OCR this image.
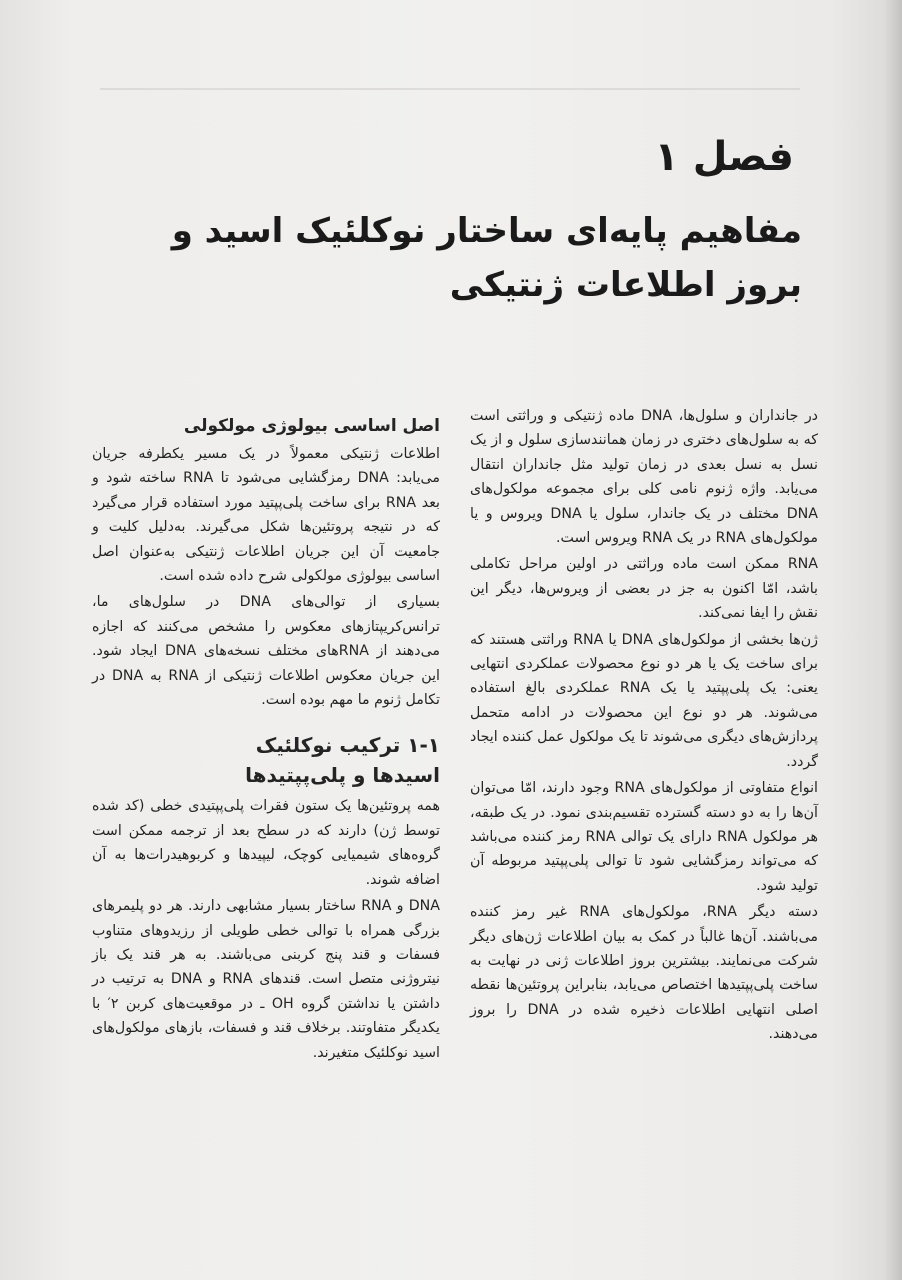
فصل ۱
مفاهیم پایه‌ای ساختار نوکلئیک اسید و بروز اطلاعات ژنتیکی

در جانداران و سلول‌ها، DNA ماده ژنتیکی و وراثتی است که به سلول‌های دختری در زمان همانندسازی سلول و از یک نسل به نسل بعدی در زمان تولید مثل جانداران انتقال می‌یابد. واژه ژنوم نامی کلی برای مجموعه مولکول‌های DNA مختلف در یک جاندار، سلول یا DNA ویروس و یا مولکول‌های RNA در یک RNA ویروس است.

RNA ممکن است ماده وراثتی در اولین مراحل تکاملی باشد، امّا اکنون به جز در بعضی از ویروس‌ها، دیگر این نقش را ایفا نمی‌کند.

ژن‌ها بخشی از مولکول‌های DNA یا RNA وراثتی هستند که برای ساخت یک یا هر دو نوع محصولات عملکردی انتهایی یعنی: یک پلی‌پپتید یا یک RNA عملکردی بالغ استفاده می‌شوند. هر دو نوع این محصولات در ادامه متحمل پردازش‌های دیگری می‌شوند تا یک مولکول عمل کننده ایجاد گردد.

انواع متفاوتی از مولکول‌های RNA وجود دارند، امّا می‌توان آن‌ها را به دو دسته گسترده تقسیم‌بندی نمود. در یک طبقه، هر مولکول RNA دارای یک توالی RNA رمز کننده می‌باشد که می‌تواند رمزگشایی شود تا توالی پلی‌پپتید مربوطه آن تولید شود.

دسته دیگر RNA، مولکول‌های RNA غیر رمز کننده می‌باشند. آن‌ها غالباً در کمک به بیان اطلاعات ژن‌های دیگر شرکت می‌نمایند. بیشترین بروز اطلاعات ژنی در نهایت به ساخت پلی‌پپتیدها اختصاص می‌یابد، بنابراین پروتئین‌ها نقطه اصلی انتهایی اطلاعات ذخیره شده در DNA را بروز می‌دهند.

اصل اساسی بیولوژی مولکولی

اطلاعات ژنتیکی معمولاً در یک مسیر یکطرفه جریان می‌یابد: DNA رمزگشایی می‌شود تا RNA ساخته شود و بعد RNA برای ساخت پلی‌پپتید مورد استفاده قرار می‌گیرد که در نتیجه پروتئین‌ها شکل می‌گیرند. به‌دلیل کلیت و جامعیت آن این جریان اطلاعات ژنتیکی به‌عنوان اصل اساسی بیولوژی مولکولی شرح داده شده است.

بسیاری از توالی‌های DNA در سلول‌های ما، ترانس‌کریپتازهای معکوس را مشخص می‌کنند که اجازه می‌دهند از RNAهای مختلف نسخه‌های DNA ایجاد شود. این جریان معکوس اطلاعات ژنتیکی از RNA به DNA در تکامل ژنوم ما مهم بوده است.

۱-۱ ترکیب نوکلئیک اسیدها و پلی‌پپتیدها

همه پروتئین‌ها یک ستون فقرات پلی‌پپتیدی خطی (کد شده توسط ژن) دارند که در سطح بعد از ترجمه ممکن است گروه‌های شیمیایی کوچک، لیپیدها و کربوهیدرات‌ها به آن اضافه شوند.

DNA و RNA ساختار بسیار مشابهی دارند. هر دو پلیمرهای بزرگی همراه با توالی خطی طویلی از رزیدوهای متناوب فسفات و قند پنج کربنی می‌باشند. به هر قند یک باز نیتروژنی متصل است. قندهای RNA و DNA به ترتیب در داشتن یا نداشتن گروه OH ـ در موقعیت‌های کربن ۲′ با یکدیگر متفاوتند. برخلاف قند و فسفات، بازهای مولکول‌های اسید نوکلئیک متغیرند.
